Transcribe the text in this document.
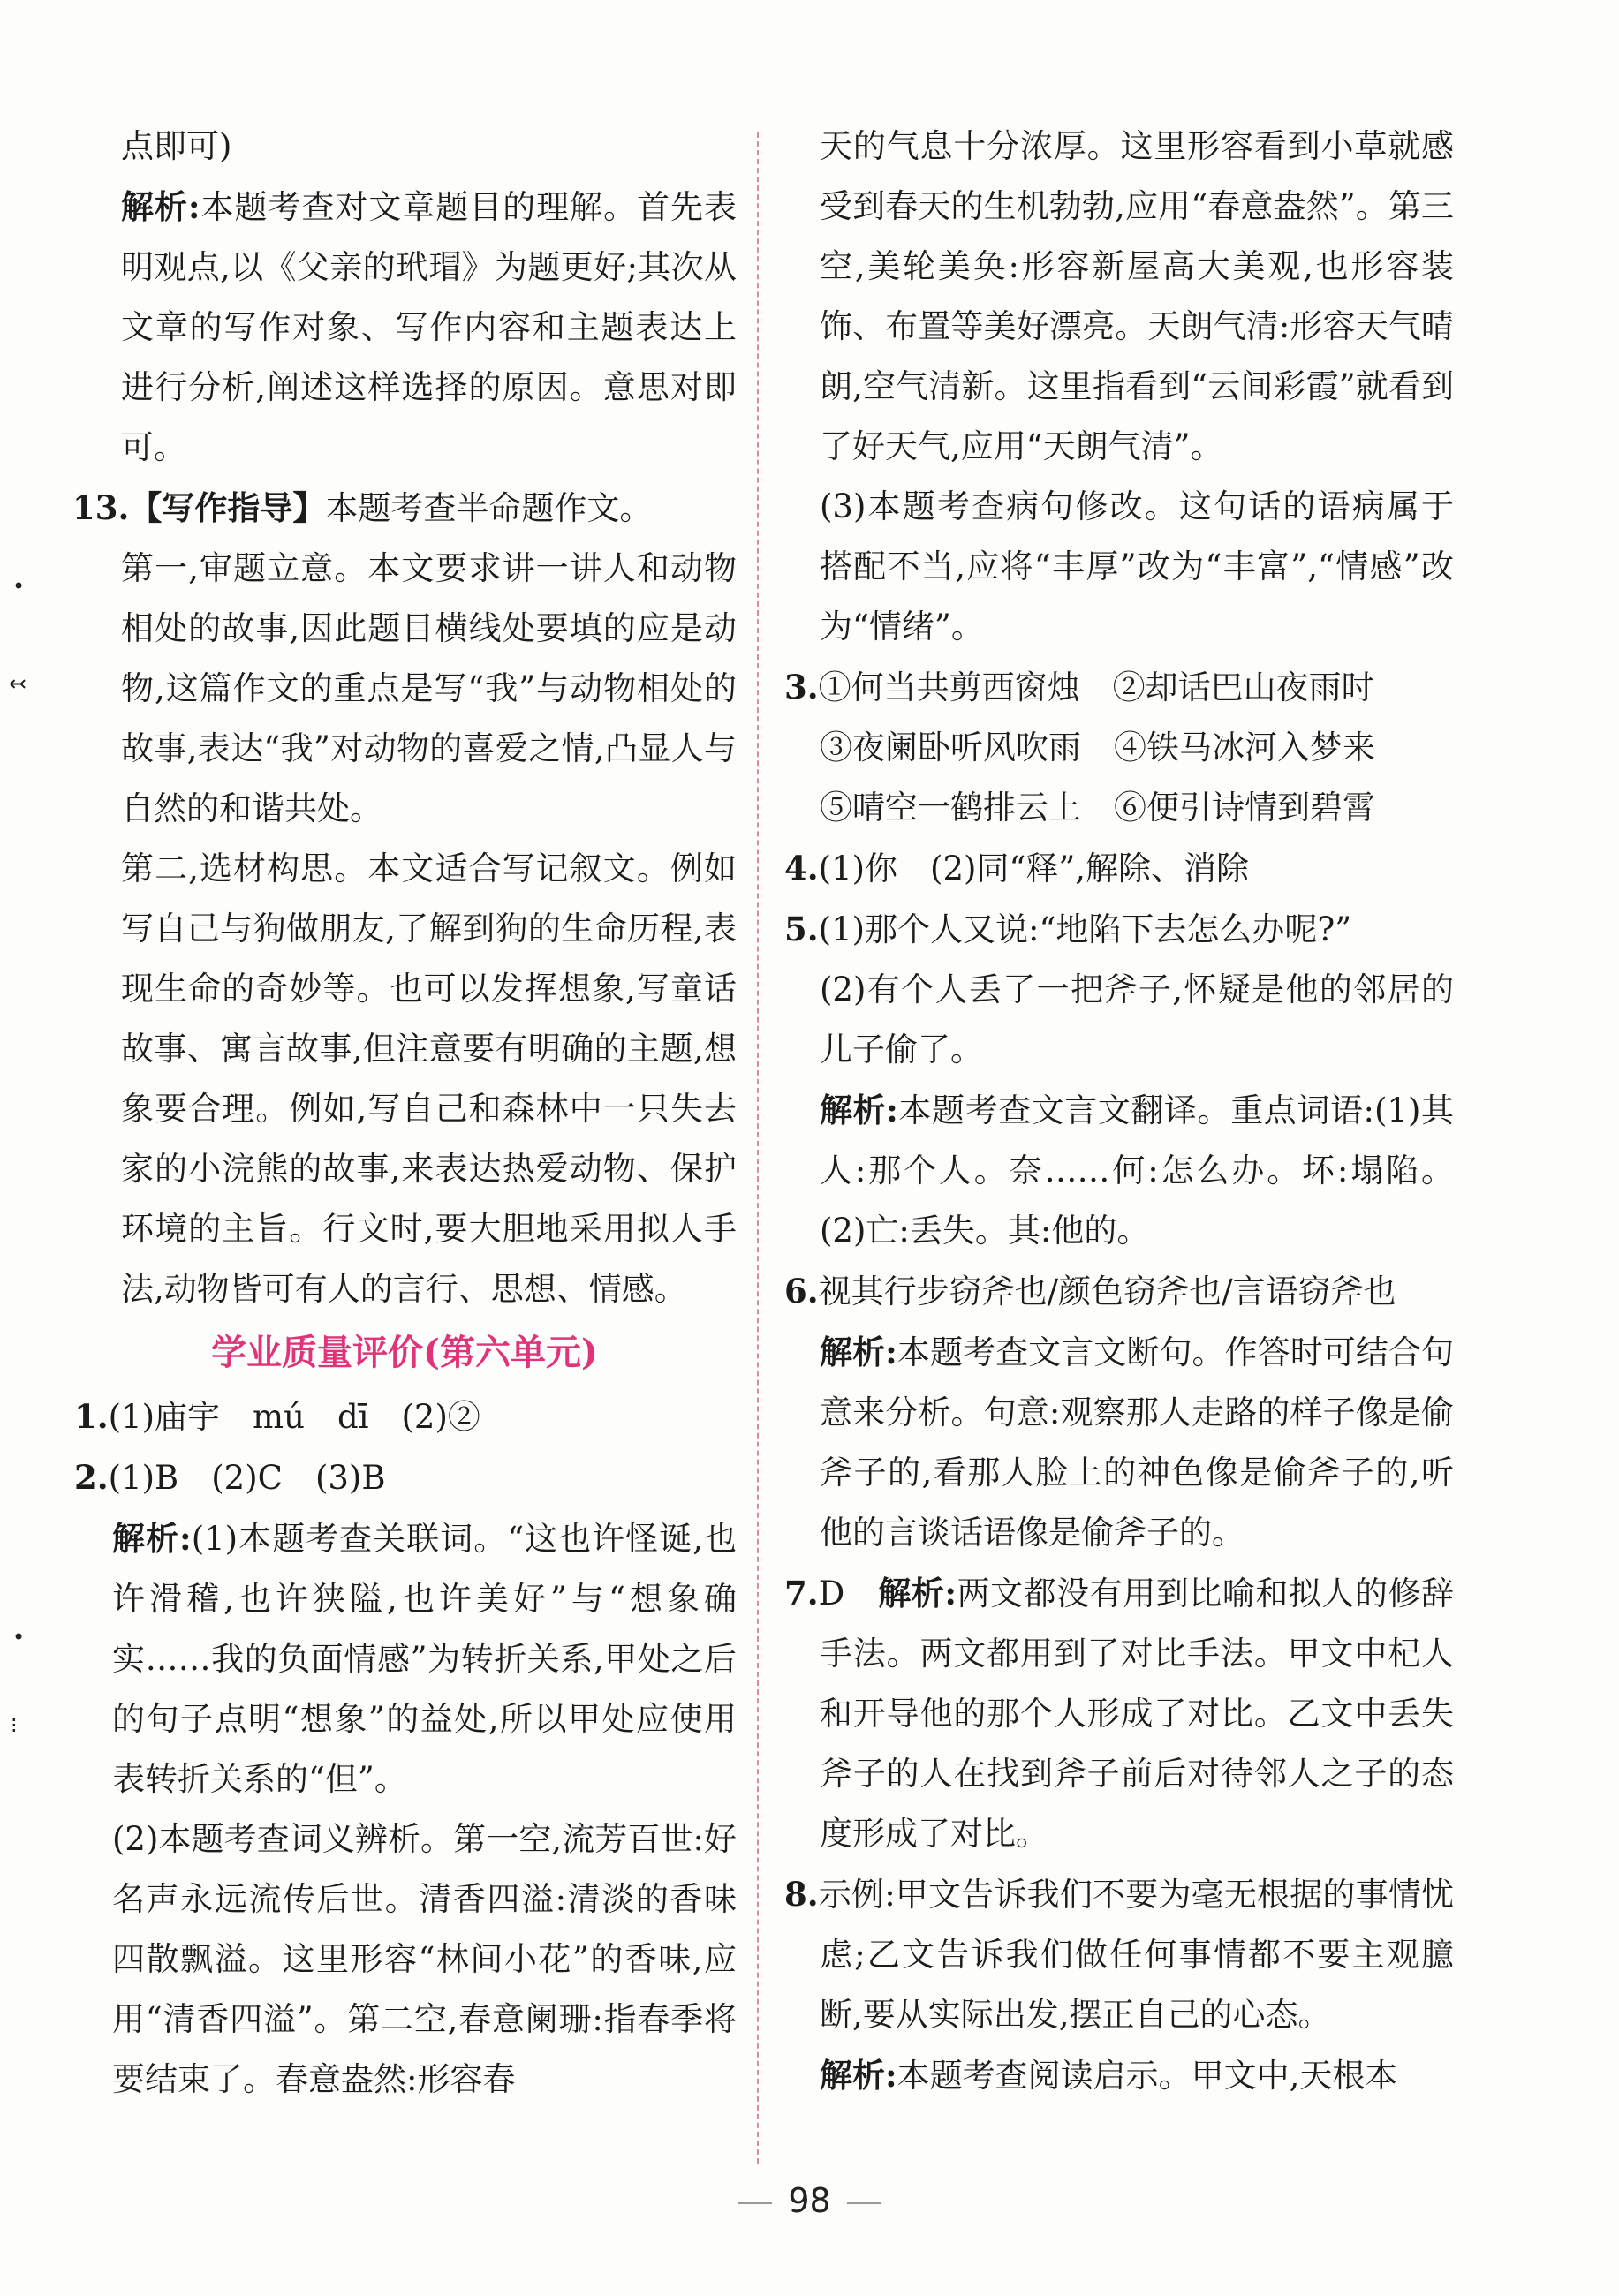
•
↢
•
⁝

点即可)

解析:本题考查对文章题目的理解。首先表明观点,以《父亲的玳瑁》为题更好;其次从文章的写作对象、写作内容和主题表达上进行分析,阐述这样选择的原因。意思对即可。

13.【写作指导】本题考查半命题作文。

第一,审题立意。本文要求讲一讲人和动物相处的故事,因此题目横线处要填的应是动物,这篇作文的重点是写“我”与动物相处的故事,表达“我”对动物的喜爱之情,凸显人与自然的和谐共处。

第二,选材构思。本文适合写记叙文。例如写自己与狗做朋友,了解到狗的生命历程,表现生命的奇妙等。也可以发挥想象,写童话故事、寓言故事,但注意要有明确的主题,想象要合理。例如,写自己和森林中一只失去家的小浣熊的故事,来表达热爱动物、保护环境的主旨。行文时,要大胆地采用拟人手法,动物皆可有人的言行、思想、情感。

学业质量评价(第六单元)

1.(1)庙宇　mú　dī　(2)②

2.(1)B　(2)C　(3)B

解析:(1)本题考查关联词。“这也许怪诞,也许滑稽,也许狭隘,也许美好”与“想象确实……我的负面情感”为转折关系,甲处之后的句子点明“想象”的益处,所以甲处应使用表转折关系的“但”。

(2)本题考查词义辨析。第一空,流芳百世:好名声永远流传后世。清香四溢:清淡的香味四散飘溢。这里形容“林间小花”的香味,应用“清香四溢”。第二空,春意阑珊:指春季将要结束了。春意盎然:形容春

天的气息十分浓厚。这里形容看到小草就感受到春天的生机勃勃,应用“春意盎然”。第三空,美轮美奂:形容新屋高大美观,也形容装饰、布置等美好漂亮。天朗气清:形容天气晴朗,空气清新。这里指看到“云间彩霞”就看到了好天气,应用“天朗气清”。

(3)本题考查病句修改。这句话的语病属于搭配不当,应将“丰厚”改为“丰富”,“情感”改为“情绪”。

3.①何当共剪西窗烛　②却话巴山夜雨时

③夜阑卧听风吹雨　④铁马冰河入梦来

⑤晴空一鹤排云上　⑥便引诗情到碧霄

4.(1)你　(2)同“释”,解除、消除

5.(1)那个人又说:“地陷下去怎么办呢?”

(2)有个人丢了一把斧子,怀疑是他的邻居的儿子偷了。

解析:本题考查文言文翻译。重点词语:(1)其人:那个人。奈……何:怎么办。坏:塌陷。(2)亡:丢失。其:他的。

6.视其行步窃斧也/颜色窃斧也/言语窃斧也

解析:本题考查文言文断句。作答时可结合句意来分析。句意:观察那人走路的样子像是偷斧子的,看那人脸上的神色像是偷斧子的,听他的言谈话语像是偷斧子的。

7.D　 解析:两文都没有用到比喻和拟人的修辞手法。两文都用到了对比手法。甲文中杞人和开导他的那个人形成了对比。乙文中丢失斧子的人在找到斧子前后对待邻人之子的态度形成了对比。

8.示例:甲文告诉我们不要为毫无根据的事情忧虑;乙文告诉我们做任何事情都不要主观臆断,要从实际出发,摆正自己的心态。

解析:本题考查阅读启示。甲文中,天根本

98
